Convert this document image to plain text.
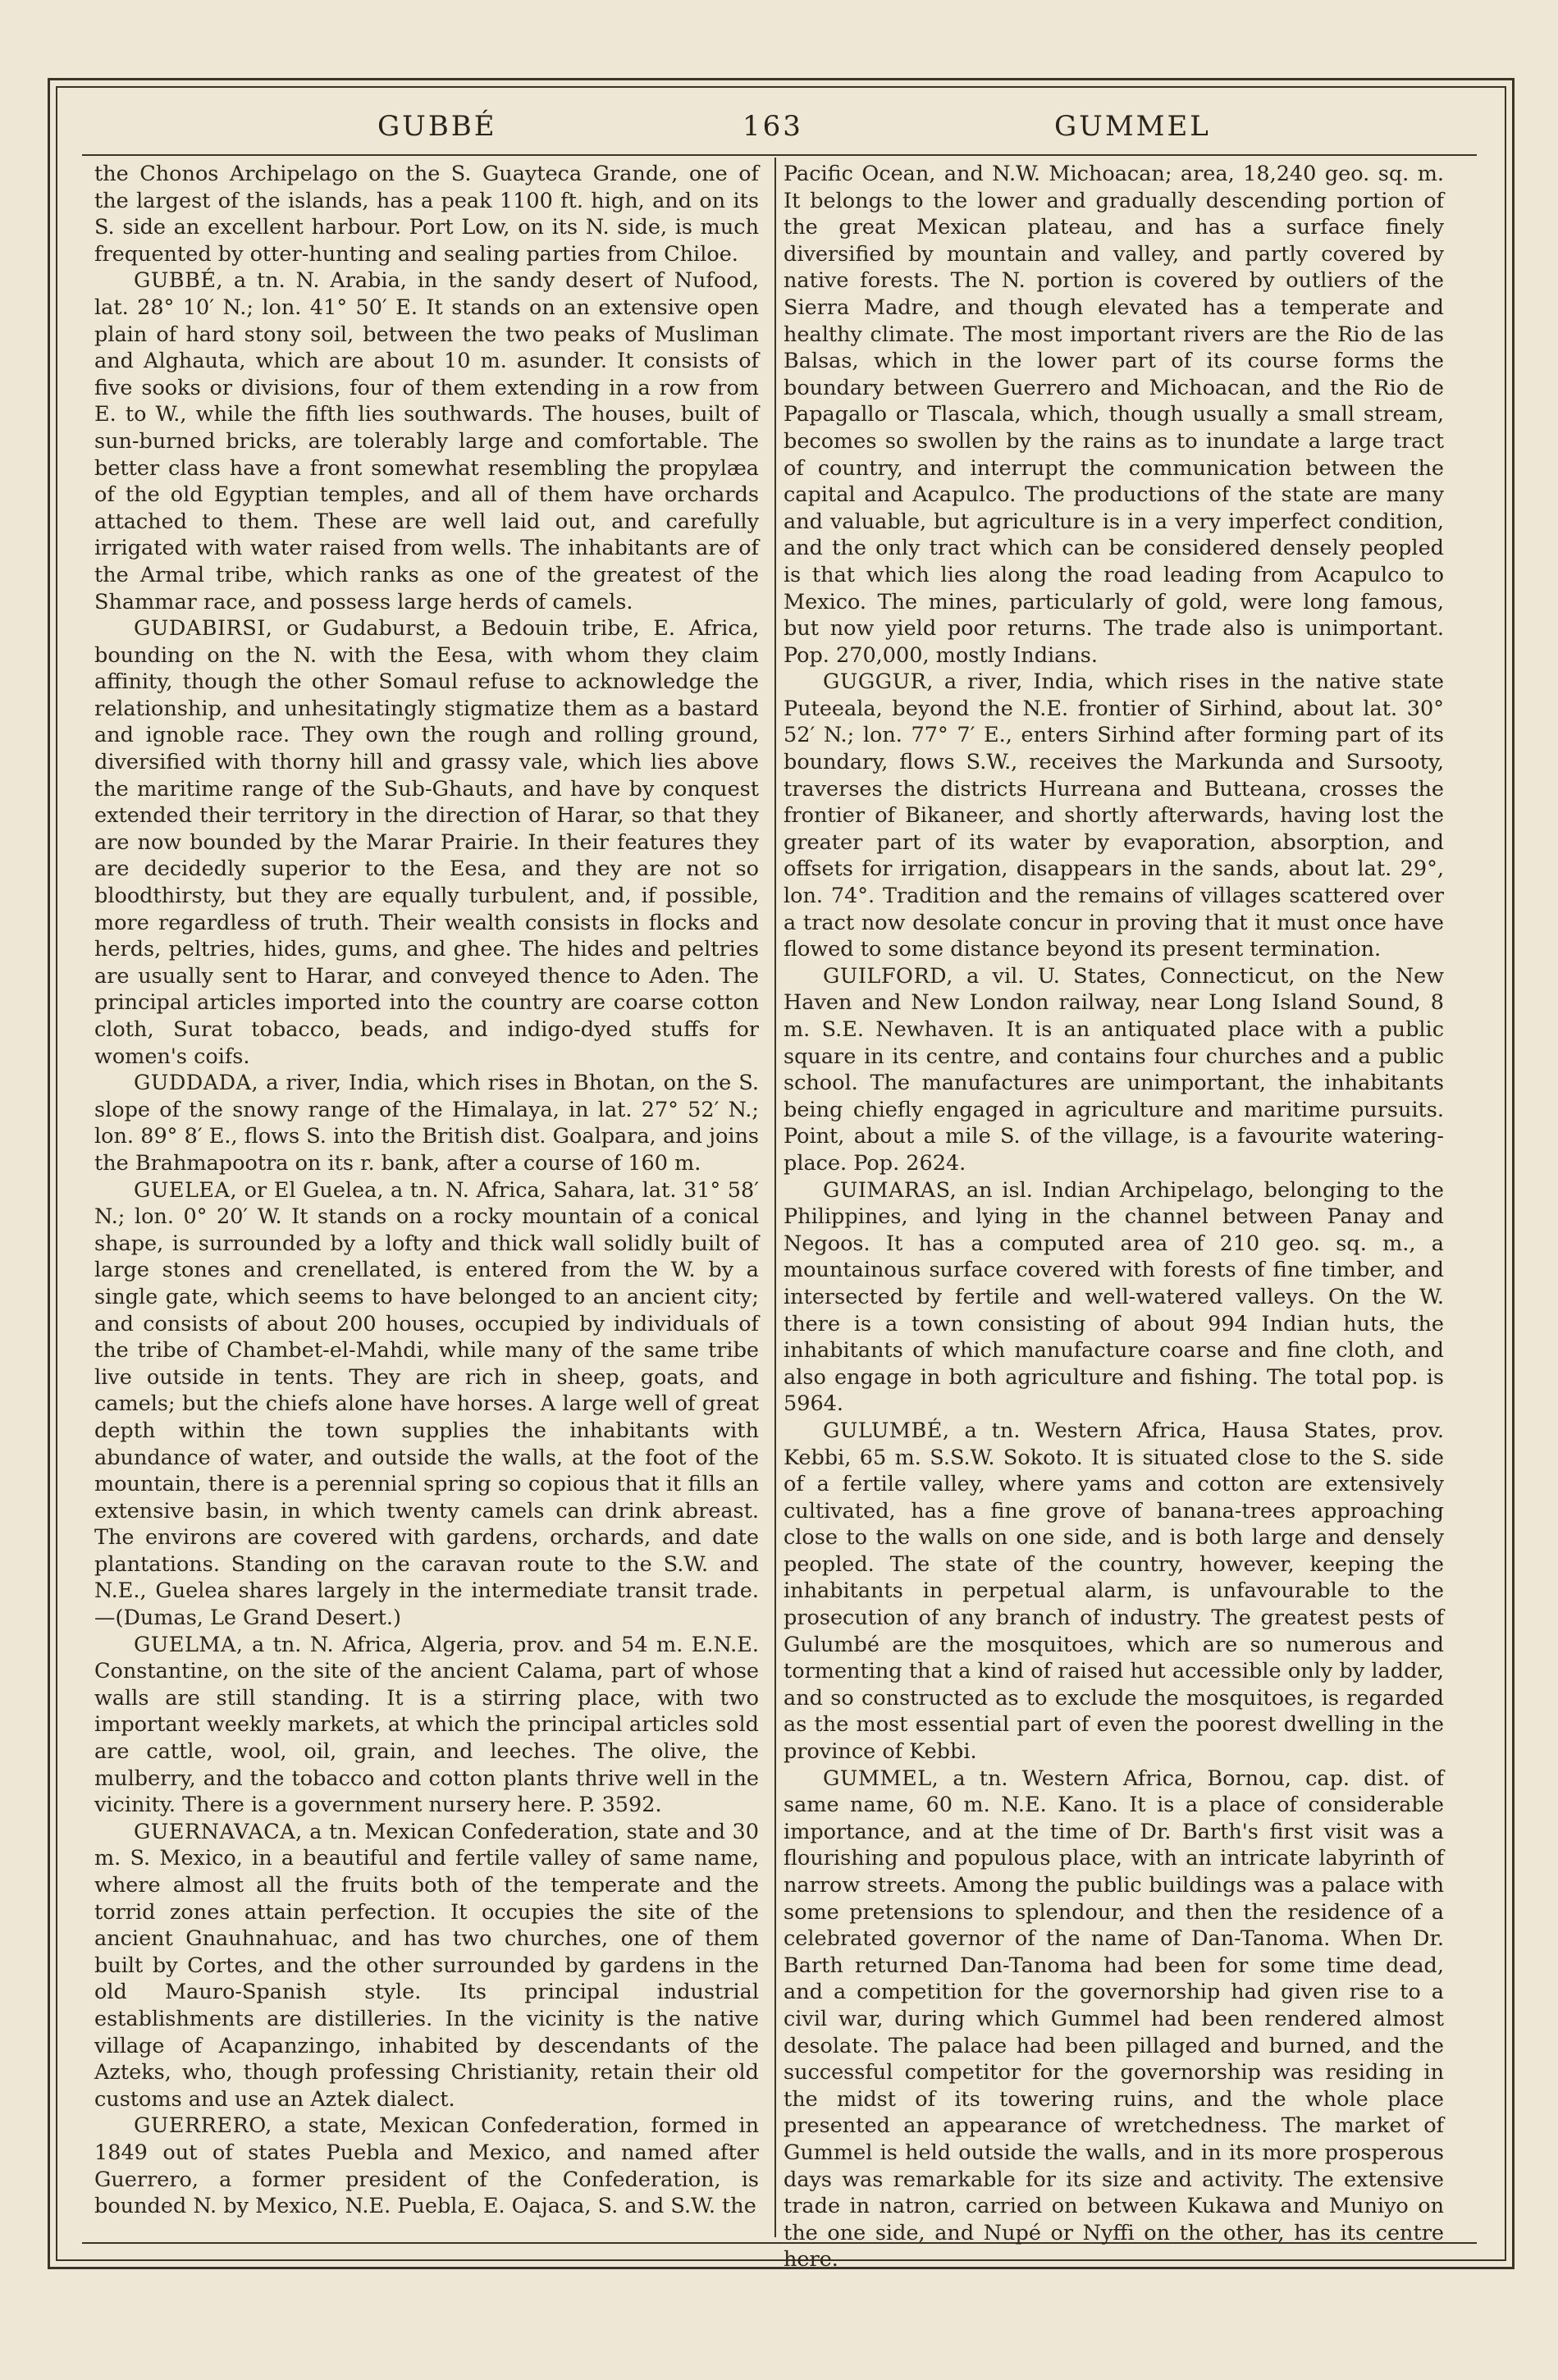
GUBBÉ	163	GUMMEL

the Chonos Archipelago on the S. Guayteca Grande, one of the largest of the islands, has a peak 1100 ft. high, and on its S. side an excellent harbour. Port Low, on its N. side, is much frequented by otter-hunting and sealing parties from Chiloe.

GUBBÉ, a tn. N. Arabia, in the sandy desert of Nufood, lat. 28° 10′ N.; lon. 41° 50′ E. It stands on an extensive open plain of hard stony soil, between the two peaks of Musliman and Alghauta, which are about 10 m. asunder. It consists of five sooks or divisions, four of them extending in a row from E. to W., while the fifth lies southwards. The houses, built of sun-burned bricks, are tolerably large and comfortable. The better class have a front somewhat resembling the propylæa of the old Egyptian temples, and all of them have orchards attached to them. These are well laid out, and carefully irrigated with water raised from wells. The inhabitants are of the Armal tribe, which ranks as one of the greatest of the Shammar race, and possess large herds of camels.

GUDABIRSI, or Gudaburst, a Bedouin tribe, E. Africa, bounding on the N. with the Eesa, with whom they claim affinity, though the other Somaul refuse to acknowledge the relationship, and unhesitatingly stigmatize them as a bastard and ignoble race. They own the rough and rolling ground, diversified with thorny hill and grassy vale, which lies above the maritime range of the Sub-Ghauts, and have by conquest extended their territory in the direction of Harar, so that they are now bounded by the Marar Prairie. In their features they are decidedly superior to the Eesa, and they are not so bloodthirsty, but they are equally turbulent, and, if possible, more regardless of truth. Their wealth consists in flocks and herds, peltries, hides, gums, and ghee. The hides and peltries are usually sent to Harar, and conveyed thence to Aden. The principal articles imported into the country are coarse cotton cloth, Surat tobacco, beads, and indigo-dyed stuffs for women's coifs.

GUDDADA, a river, India, which rises in Bhotan, on the S. slope of the snowy range of the Himalaya, in lat. 27° 52′ N.; lon. 89° 8′ E., flows S. into the British dist. Goalpara, and joins the Brahmapootra on its r. bank, after a course of 160 m.

GUELEA, or El Guelea, a tn. N. Africa, Sahara, lat. 31° 58′ N.; lon. 0° 20′ W. It stands on a rocky mountain of a conical shape, is surrounded by a lofty and thick wall solidly built of large stones and crenellated, is entered from the W. by a single gate, which seems to have belonged to an ancient city; and consists of about 200 houses, occupied by individuals of the tribe of Chambet-el-Mahdi, while many of the same tribe live outside in tents. They are rich in sheep, goats, and camels; but the chiefs alone have horses. A large well of great depth within the town supplies the inhabitants with abundance of water, and outside the walls, at the foot of the mountain, there is a perennial spring so copious that it fills an extensive basin, in which twenty camels can drink abreast. The environs are covered with gardens, orchards, and date plantations. Standing on the caravan route to the S.W. and N.E., Guelea shares largely in the intermediate transit trade.—(Dumas, Le Grand Desert.)

GUELMA, a tn. N. Africa, Algeria, prov. and 54 m. E.N.E. Constantine, on the site of the ancient Calama, part of whose walls are still standing. It is a stirring place, with two important weekly markets, at which the principal articles sold are cattle, wool, oil, grain, and leeches. The olive, the mulberry, and the tobacco and cotton plants thrive well in the vicinity. There is a government nursery here. P. 3592.

GUERNAVACA, a tn. Mexican Confederation, state and 30 m. S. Mexico, in a beautiful and fertile valley of same name, where almost all the fruits both of the temperate and the torrid zones attain perfection. It occupies the site of the ancient Gnauhnahuac, and has two churches, one of them built by Cortes, and the other surrounded by gardens in the old Mauro-Spanish style. Its principal industrial establishments are distilleries. In the vicinity is the native village of Acapanzingo, inhabited by descendants of the Azteks, who, though professing Christianity, retain their old customs and use an Aztek dialect.

GUERRERO, a state, Mexican Confederation, formed in 1849 out of states Puebla and Mexico, and named after Guerrero, a former president of the Confederation, is bounded N. by Mexico, N.E. Puebla, E. Oajaca, S. and S.W. the

Pacific Ocean, and N.W. Michoacan; area, 18,240 geo. sq. m. It belongs to the lower and gradually descending portion of the great Mexican plateau, and has a surface finely diversified by mountain and valley, and partly covered by native forests. The N. portion is covered by outliers of the Sierra Madre, and though elevated has a temperate and healthy climate. The most important rivers are the Rio de las Balsas, which in the lower part of its course forms the boundary between Guerrero and Michoacan, and the Rio de Papagallo or Tlascala, which, though usually a small stream, becomes so swollen by the rains as to inundate a large tract of country, and interrupt the communication between the capital and Acapulco. The productions of the state are many and valuable, but agriculture is in a very imperfect condition, and the only tract which can be considered densely peopled is that which lies along the road leading from Acapulco to Mexico. The mines, particularly of gold, were long famous, but now yield poor returns. The trade also is unimportant. Pop. 270,000, mostly Indians.

GUGGUR, a river, India, which rises in the native state Puteeala, beyond the N.E. frontier of Sirhind, about lat. 30° 52′ N.; lon. 77° 7′ E., enters Sirhind after forming part of its boundary, flows S.W., receives the Markunda and Sursooty, traverses the districts Hurreana and Butteana, crosses the frontier of Bikaneer, and shortly afterwards, having lost the greater part of its water by evaporation, absorption, and offsets for irrigation, disappears in the sands, about lat. 29°, lon. 74°. Tradition and the remains of villages scattered over a tract now desolate concur in proving that it must once have flowed to some distance beyond its present termination.

GUILFORD, a vil. U. States, Connecticut, on the New Haven and New London railway, near Long Island Sound, 8 m. S.E. Newhaven. It is an antiquated place with a public square in its centre, and contains four churches and a public school. The manufactures are unimportant, the inhabitants being chiefly engaged in agriculture and maritime pursuits. Point, about a mile S. of the village, is a favourite watering-place. Pop. 2624.

GUIMARAS, an isl. Indian Archipelago, belonging to the Philippines, and lying in the channel between Panay and Negoos. It has a computed area of 210 geo. sq. m., a mountainous surface covered with forests of fine timber, and intersected by fertile and well-watered valleys. On the W. there is a town consisting of about 994 Indian huts, the inhabitants of which manufacture coarse and fine cloth, and also engage in both agriculture and fishing. The total pop. is 5964.

GULUMBÉ, a tn. Western Africa, Hausa States, prov. Kebbi, 65 m. S.S.W. Sokoto. It is situated close to the S. side of a fertile valley, where yams and cotton are extensively cultivated, has a fine grove of banana-trees approaching close to the walls on one side, and is both large and densely peopled. The state of the country, however, keeping the inhabitants in perpetual alarm, is unfavourable to the prosecution of any branch of industry. The greatest pests of Gulumbé are the mosquitoes, which are so numerous and tormenting that a kind of raised hut accessible only by ladder, and so constructed as to exclude the mosquitoes, is regarded as the most essential part of even the poorest dwelling in the province of Kebbi.

GUMMEL, a tn. Western Africa, Bornou, cap. dist. of same name, 60 m. N.E. Kano. It is a place of considerable importance, and at the time of Dr. Barth's first visit was a flourishing and populous place, with an intricate labyrinth of narrow streets. Among the public buildings was a palace with some pretensions to splendour, and then the residence of a celebrated governor of the name of Dan-Tanoma. When Dr. Barth returned Dan-Tanoma had been for some time dead, and a competition for the governorship had given rise to a civil war, during which Gummel had been rendered almost desolate. The palace had been pillaged and burned, and the successful competitor for the governorship was residing in the midst of its towering ruins, and the whole place presented an appearance of wretchedness. The market of Gummel is held outside the walls, and in its more prosperous days was remarkable for its size and activity. The extensive trade in natron, carried on between Kukawa and Muniyo on the one side, and Nupé or Nyffi on the other, has its centre here.
